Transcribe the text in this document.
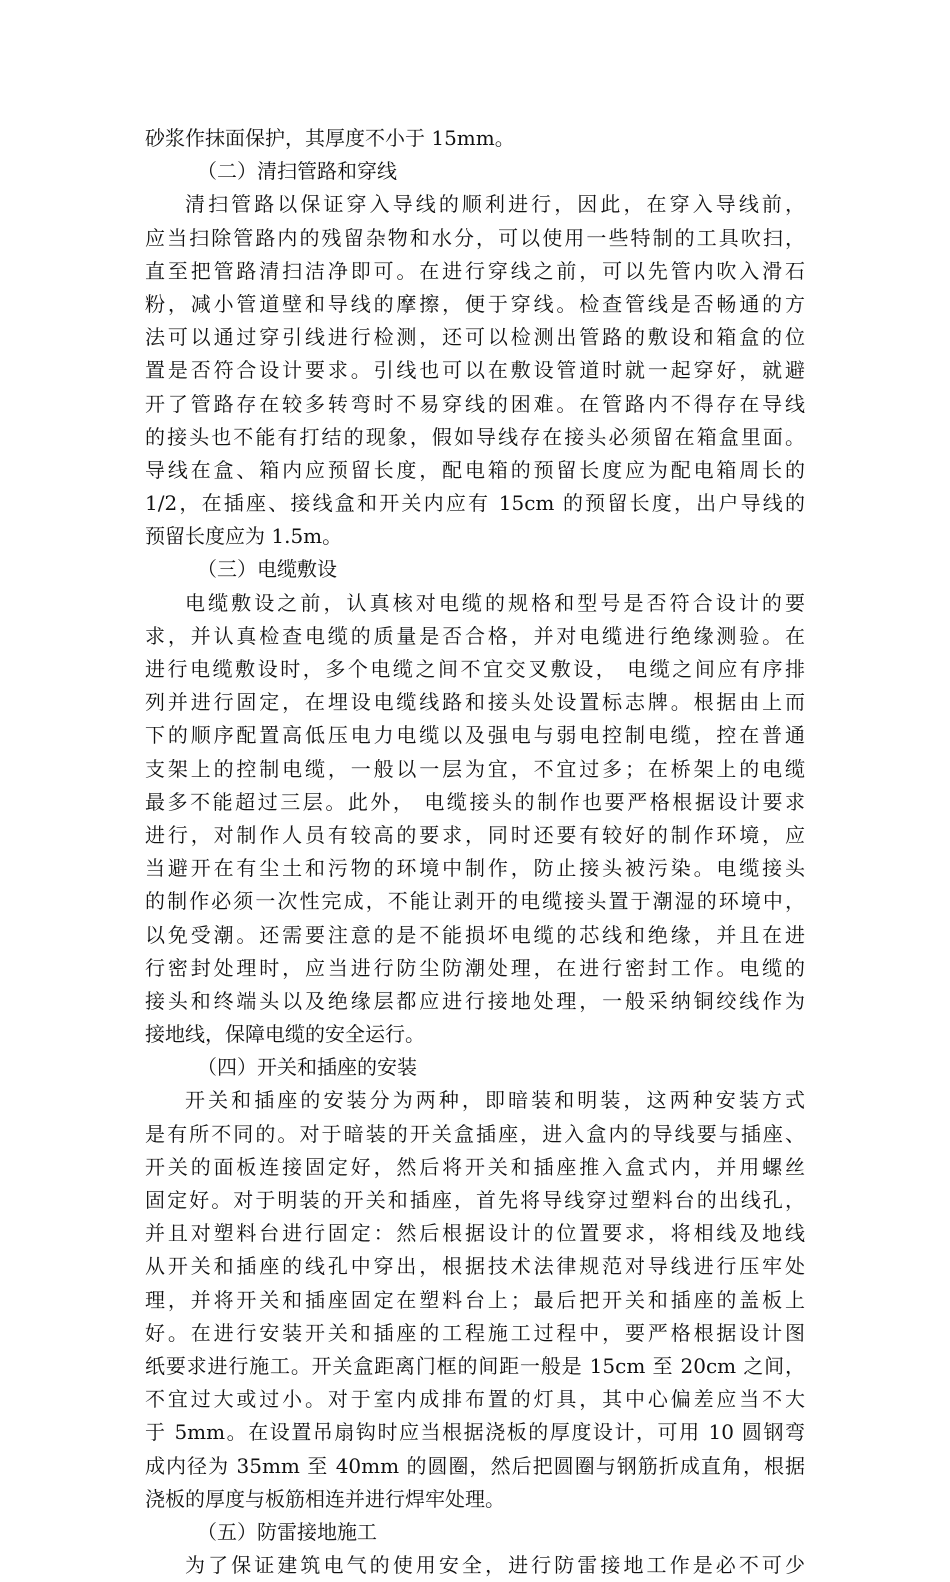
砂浆作抹面保护，其厚度不小于 15mm。
（二）清扫管路和穿线
清扫管路以保证穿入导线的顺利进行，因此，在穿入导线前，
应当扫除管路内的残留杂物和水分，可以使用一些特制的工具吹扫，
直至把管路清扫洁净即可。在进行穿线之前，可以先管内吹入滑石
粉，减小管道壁和导线的摩擦，便于穿线。检查管线是否畅通的方
法可以通过穿引线进行检测，还可以检测出管路的敷设和箱盒的位
置是否符合设计要求。引线也可以在敷设管道时就一起穿好，就避
开了管路存在较多转弯时不易穿线的困难。在管路内不得存在导线
的接头也不能有打结的现象，假如导线存在接头必须留在箱盒里面。
导线在盒、箱内应预留长度，配电箱的预留长度应为配电箱周长的
1/2，在插座、接线盒和开关内应有 15cm 的预留长度，出户导线的
预留长度应为 1.5m。
（三）电缆敷设
电缆敷设之前，认真核对电缆的规格和型号是否符合设计的要
求，并认真检查电缆的质量是否合格，并对电缆进行绝缘测验。在
进行电缆敷设时，多个电缆之间不宜交叉敷设， 电缆之间应有序排
列并进行固定，在埋设电缆线路和接头处设置标志牌。根据由上而
下的顺序配置高低压电力电缆以及强电与弱电控制电缆，控在普通
支架上的控制电缆，一般以一层为宜，不宜过多；在桥架上的电缆
最多不能超过三层。此外， 电缆接头的制作也要严格根据设计要求
进行，对制作人员有较高的要求，同时还要有较好的制作环境，应
当避开在有尘土和污物的环境中制作，防止接头被污染。电缆接头
的制作必须一次性完成，不能让剥开的电缆接头置于潮湿的环境中，
以免受潮。还需要注意的是不能损坏电缆的芯线和绝缘，并且在进
行密封处理时，应当进行防尘防潮处理，在进行密封工作。电缆的
接头和终端头以及绝缘层都应进行接地处理，一般采纳铜绞线作为
接地线，保障电缆的安全运行。
（四）开关和插座的安装
开关和插座的安装分为两种，即暗装和明装，这两种安装方式
是有所不同的。对于暗装的开关盒插座，进入盒内的导线要与插座、
开关的面板连接固定好，然后将开关和插座推入盒式内，并用螺丝
固定好。对于明装的开关和插座，首先将导线穿过塑料台的出线孔，
并且对塑料台进行固定：然后根据设计的位置要求，将相线及地线
从开关和插座的线孔中穿出，根据技术法律规范对导线进行压牢处
理，并将开关和插座固定在塑料台上；最后把开关和插座的盖板上
好。在进行安装开关和插座的工程施工过程中，要严格根据设计图
纸要求进行施工。开关盒距离门框的间距一般是 15cm 至 20cm 之间，
不宜过大或过小。对于室内成排布置的灯具，其中心偏差应当不大
于 5mm。在设置吊扇钩时应当根据浇板的厚度设计，可用 10 圆钢弯
成内径为 35mm 至 40mm 的圆圈，然后把圆圈与钢筋折成直角，根据
浇板的厚度与板筋相连并进行焊牢处理。
（五）防雷接地施工
为了保证建筑电气的使用安全，进行防雷接地工作是必不可少
